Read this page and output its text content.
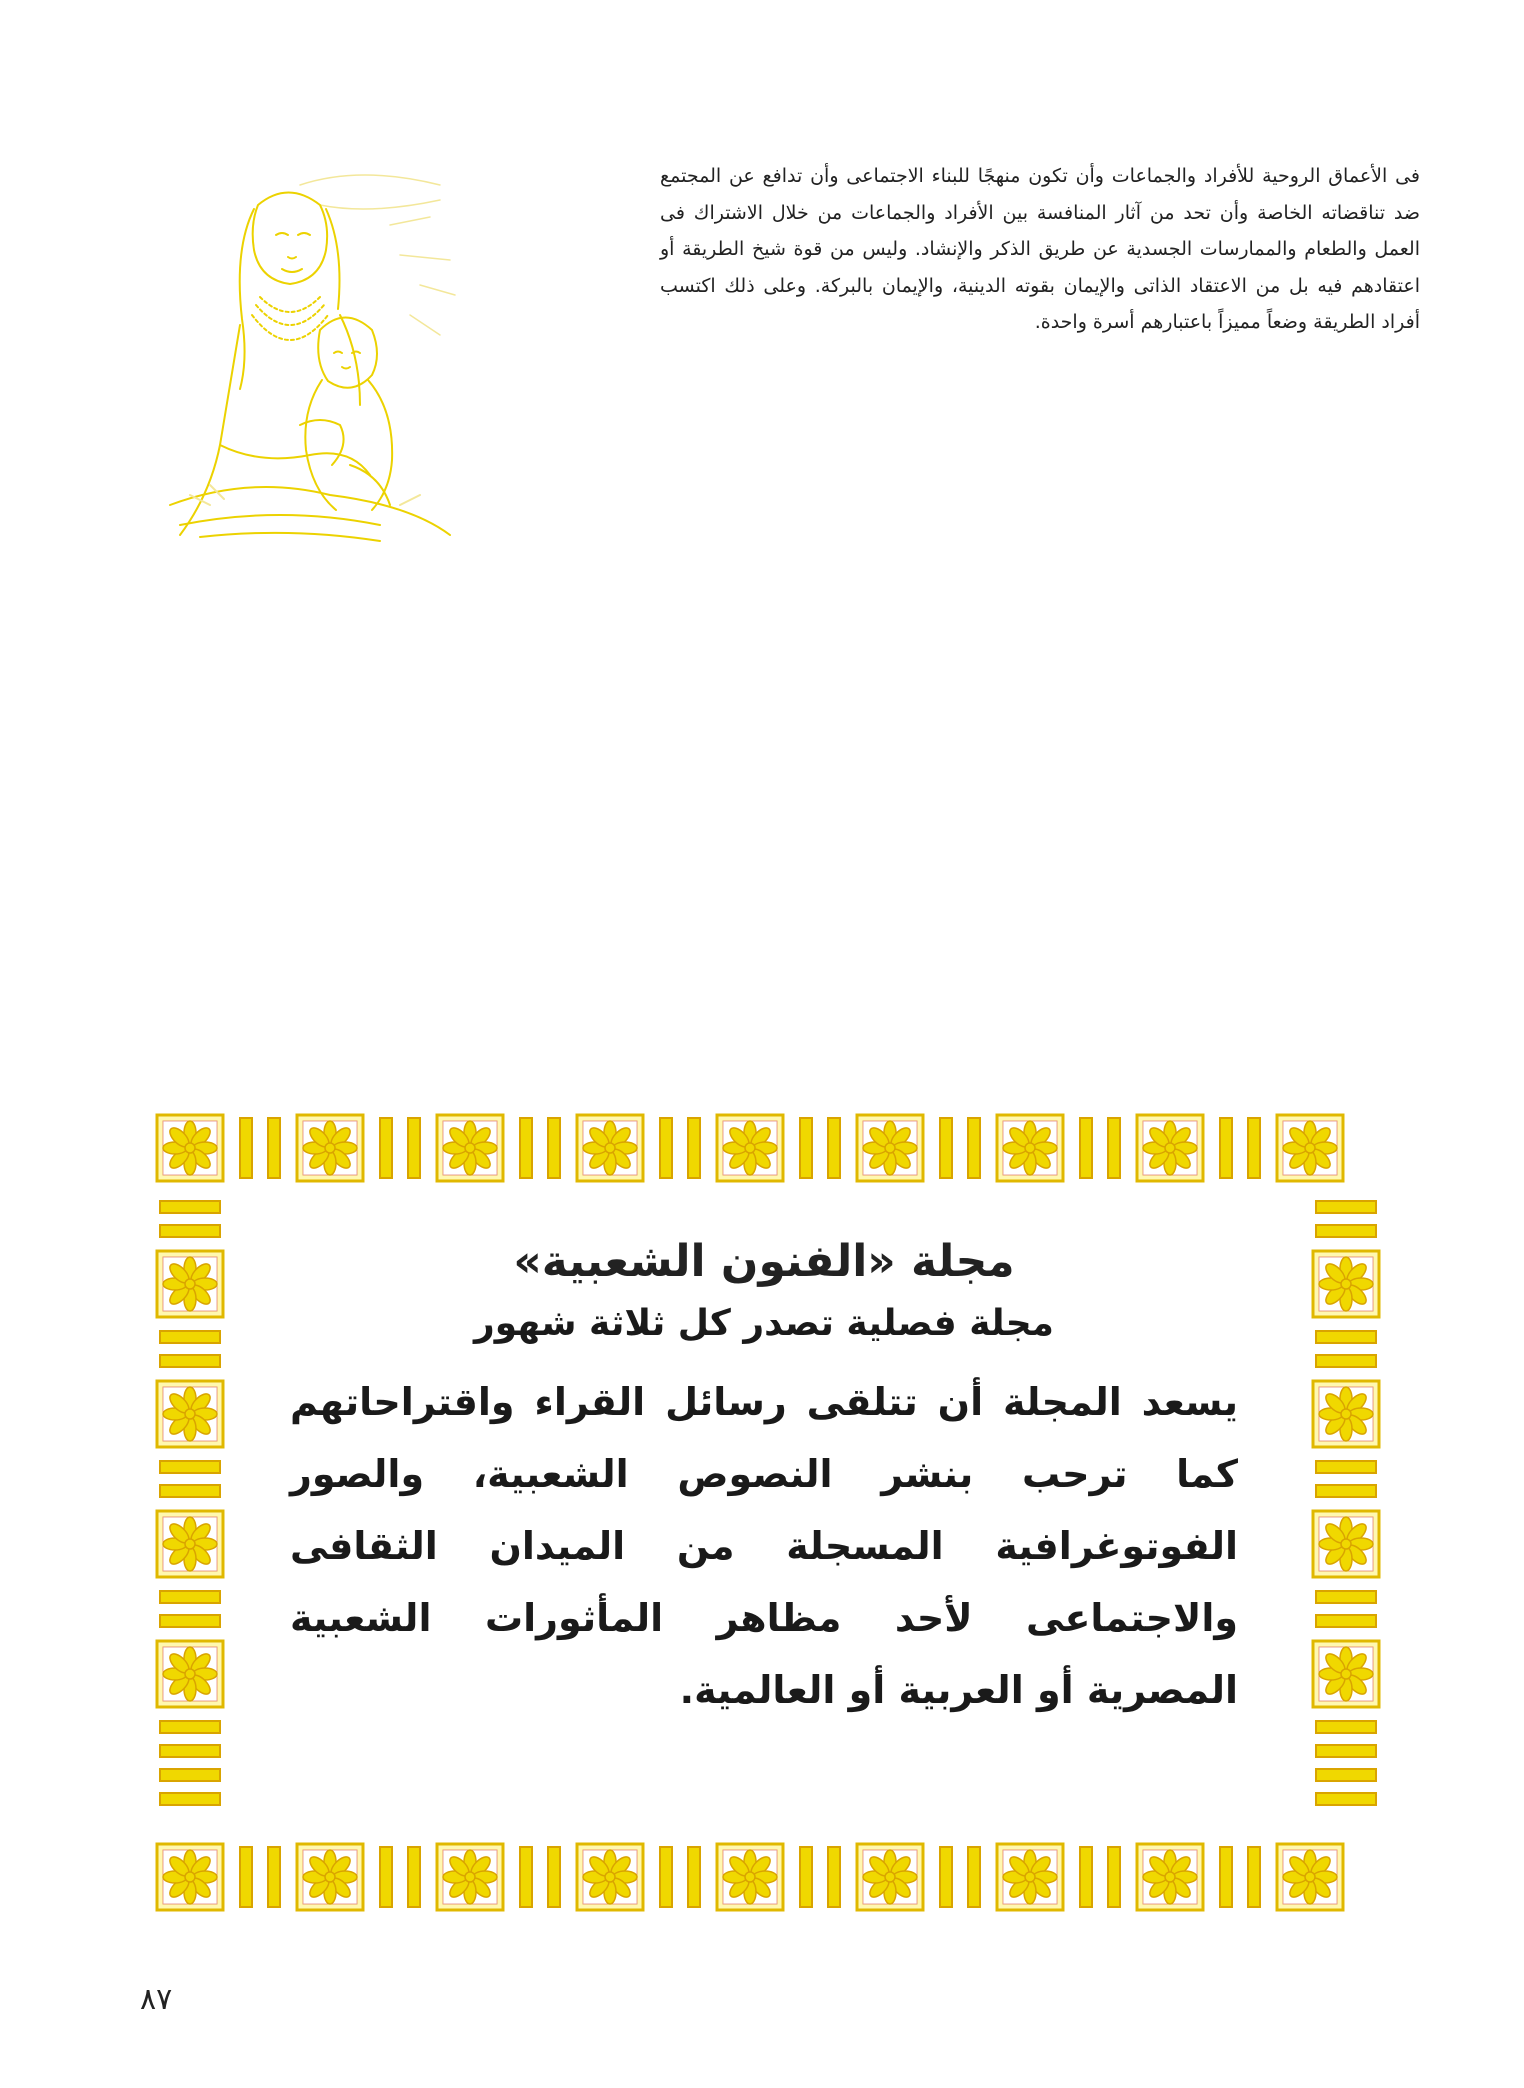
فى الأعماق الروحية للأفراد والجماعات وأن تكون منهجًا للبناء الاجتماعى وأن تدافع عن المجتمع ضد تناقضاته الخاصة وأن تحد من آثار المنافسة بين الأفراد والجماعات من خلال الاشتراك فى العمل والطعام والممارسات الجسدية عن طريق الذكر والإنشاد. وليس من قوة شيخ الطريقة أو اعتقادهم فيه بل من الاعتقاد الذاتى والإيمان بقوته الدينية، والإيمان بالبركة. وعلى ذلك اكتسب أفراد الطريقة وضعاً مميزاً باعتبارهم أسرة واحدة.
مجلة «الفنون الشعبية»
مجلة فصلية تصدر كل ثلاثة شهور

يسعد المجلة أن تتلقى رسائل القراء واقتراحاتهم كما ترحب بنشر النصوص الشعبية، والصور الفوتوغرافية المسجلة من الميدان الثقافى والاجتماعى لأحد مظاهر المأثورات الشعبية المصرية أو العربية أو العالمية.

٨٧
